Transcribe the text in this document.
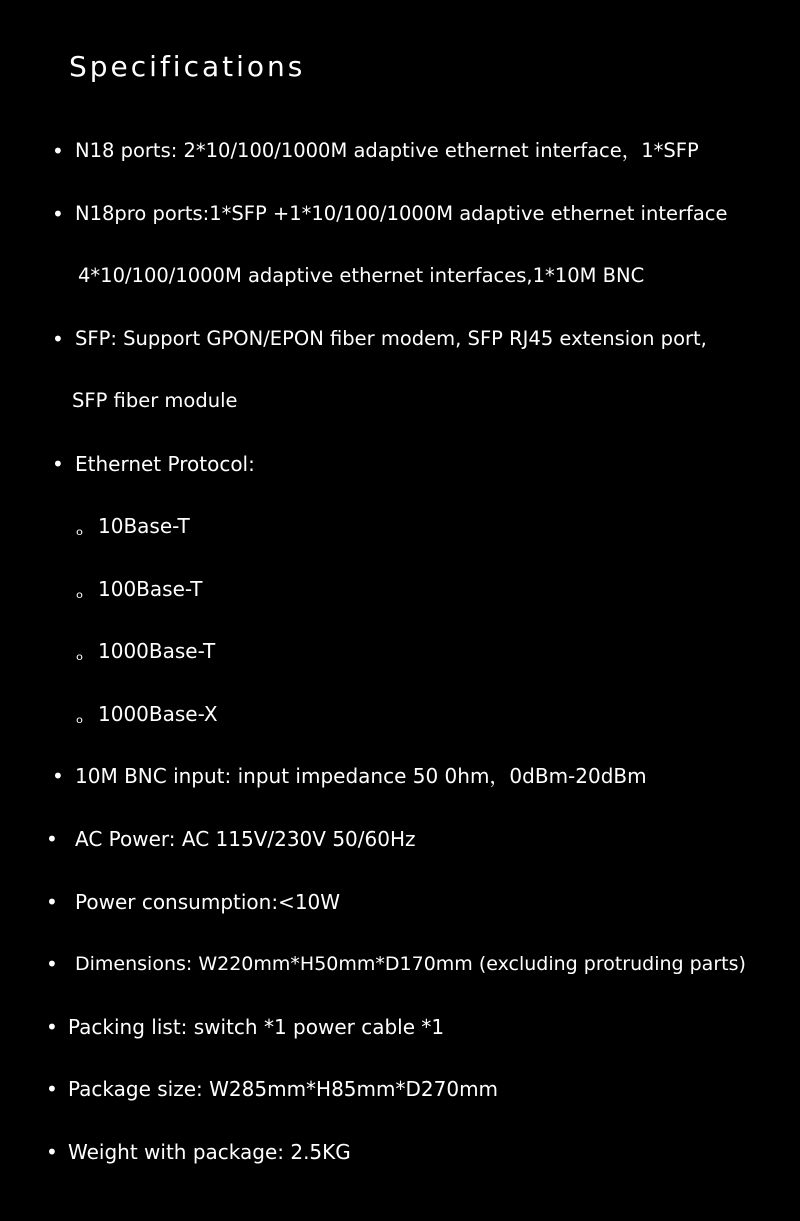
Specifications
• N18 ports: 2*10/100/1000M adaptive ethernet interface，1*SFP

• N18pro ports:1*SFP +1*10/100/1000M adaptive ethernet interface

4*10/100/1000M adaptive ethernet interfaces,1*10M BNC

• SFP: Support GPON/EPON fiber modem, SFP RJ45 extension port,

SFP fiber module

• Ethernet Protocol:

ₒ 10Base-T

ₒ 100Base-T

ₒ 1000Base-T

ₒ 1000Base-X

• 10M BNC input: input impedance 50 0hm，0dBm-20dBm

• AC Power: AC 115V/230V 50/60Hz

• Power consumption:<10W

• Dimensions: W220mm*H50mm*D170mm (excluding protruding parts)

• Packing list: switch *1 power cable *1

• Package size: W285mm*H85mm*D270mm

• Weight with package: 2.5KG
